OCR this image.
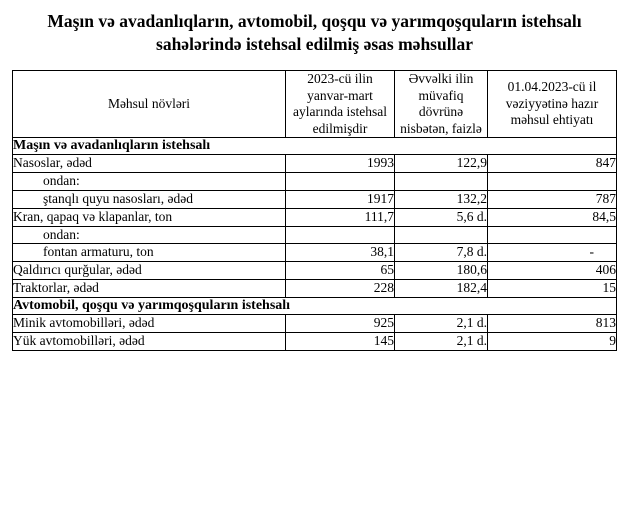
Maşın və avadanlıqların, avtomobil, qoşqu və yarımqoşquların istehsalı sahələrində istehsal edilmiş əsas məhsullar
Məhsul növləri	2023-cü ilin yanvar-mart aylarında istehsal edilmişdir	Əvvəlki ilin müvafiq dövrünə nisbətən, faizlə	01.04.2023-cü il vəziyyətinə hazır məhsul ehtiyatı
Maşın və avadanlıqların istehsalı			
Nasoslar, ədəd	1993	122,9	847
ondan:			
ştanqlı quyu nasosları, ədəd	1917	132,2	787
Kran, qapaq və klapanlar, ton	111,7	5,6 d.	84,5
ondan:			
fontan armaturu, ton	38,1	7,8 d.	-
Qaldırıcı qurğular, ədəd	65	180,6	406
Traktorlar, ədəd	228	182,4	15
Avtomobil, qoşqu və yarımqoşquların istehsalı			
Minik avtomobilləri, ədəd	925	2,1 d.	813
Yük avtomobilləri, ədəd	145	2,1 d.	9
